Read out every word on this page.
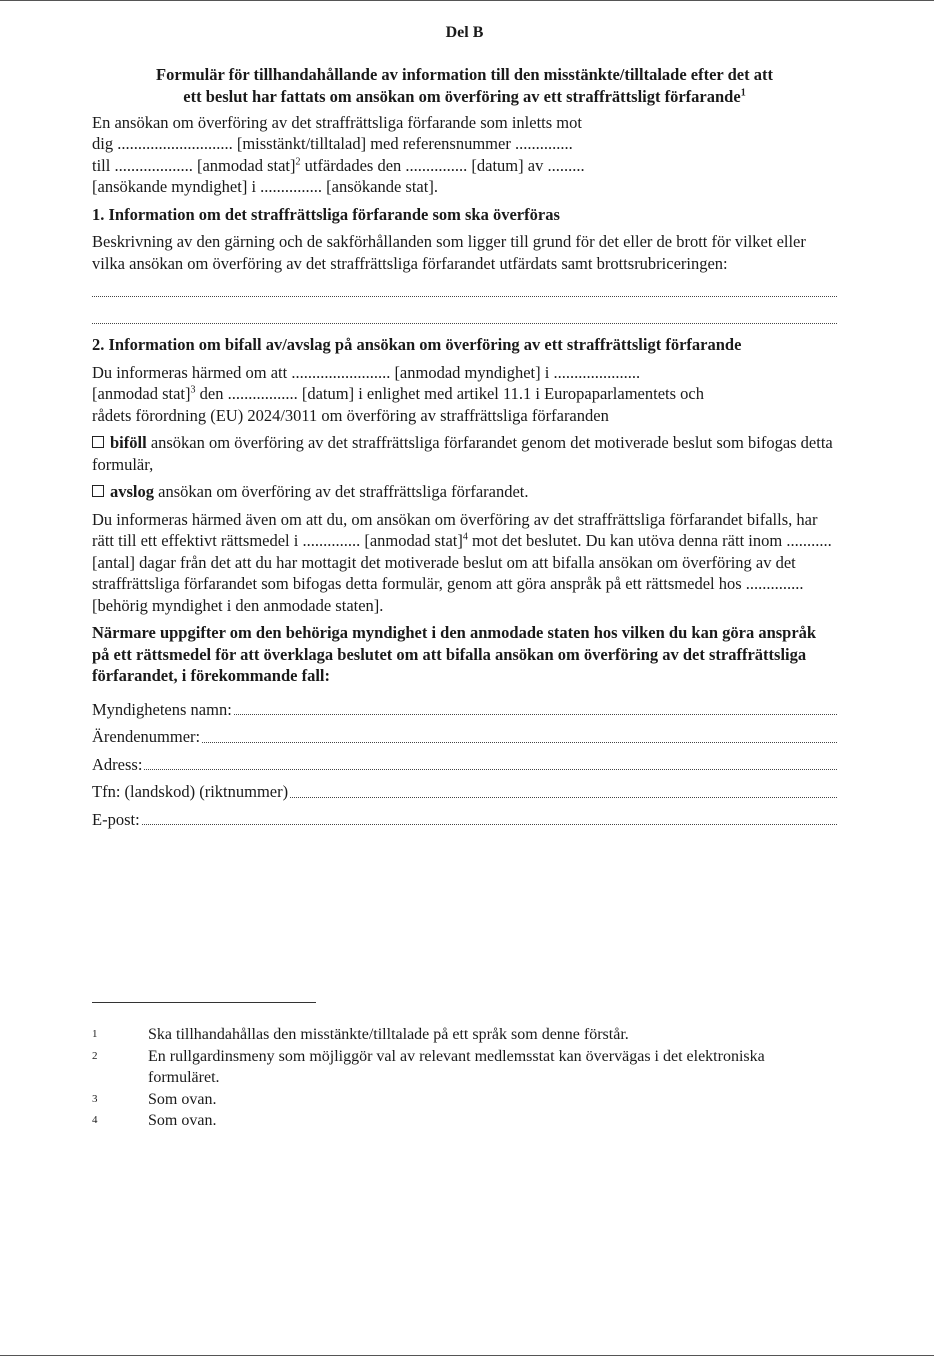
Del B
Formulär för tillhandahållande av information till den misstänkte/tilltalade efter det att
ett beslut har fattats om ansökan om överföring av ett straffrättsligt förfarande$^1$
En ansökan om överföring av det straffrättsliga förfarande som inletts mot
dig ............................ [misstänkt/tilltalad] med referensnummer ..............
till ................... [anmodad stat]$^2$ utfärdades den ............... [datum] av .........
[ansökande myndighet] i ............... [ansökande stat].
1. Information om det straffrättsliga förfarande som ska överföras
Beskrivning av den gärning och de sakförhållanden som ligger till grund för det eller de brott för vilket eller vilka ansökan om överföring av det straffrättsliga förfarandet utfärdats samt brottsrubriceringen:
2. Information om bifall av/avslag på ansökan om överföring av ett straffrättsligt förfarande
Du informeras härmed om att ........................ [anmodad myndighet] i .....................
[anmodad stat]$^3$ den ................. [datum] i enlighet med artikel 11.1 i Europaparlamentets och
rådets förordning (EU) 2024/3011 om överföring av straffrättsliga förfaranden
biföll ansökan om överföring av det straffrättsliga förfarandet genom det motiverade beslut som bifogas detta formulär,
avslog ansökan om överföring av det straffrättsliga förfarandet.
Du informeras härmed även om att du, om ansökan om överföring av det straffrättsliga förfarandet bifalls, har rätt till ett effektivt rättsmedel i .............. [anmodad stat]$^4$ mot det beslutet. Du kan utöva denna rätt inom ........... [antal] dagar från det att du har mottagit det motiverade beslut om att bifalla ansökan om överföring av det straffrättsliga förfarandet som bifogas detta formulär, genom att göra anspråk på ett rättsmedel hos .............. [behörig myndighet i den anmodade staten].
Närmare uppgifter om den behöriga myndighet i den anmodade staten hos vilken du kan göra anspråk på ett rättsmedel för att överklaga beslutet om att bifalla ansökan om överföring av det straffrättsliga förfarandet, i förekommande fall:
Myndighetens namn:
Ärendenummer:
Adress:
Tfn: (landskod) (riktnummer)
E-post:
1	Ska tillhandahållas den misstänkte/tilltalade på ett språk som denne förstår.
2	En rullgardinsmeny som möjliggör val av relevant medlemsstat kan övervägas i det elektroniska formuläret.
3	Som ovan.
4	Som ovan.
